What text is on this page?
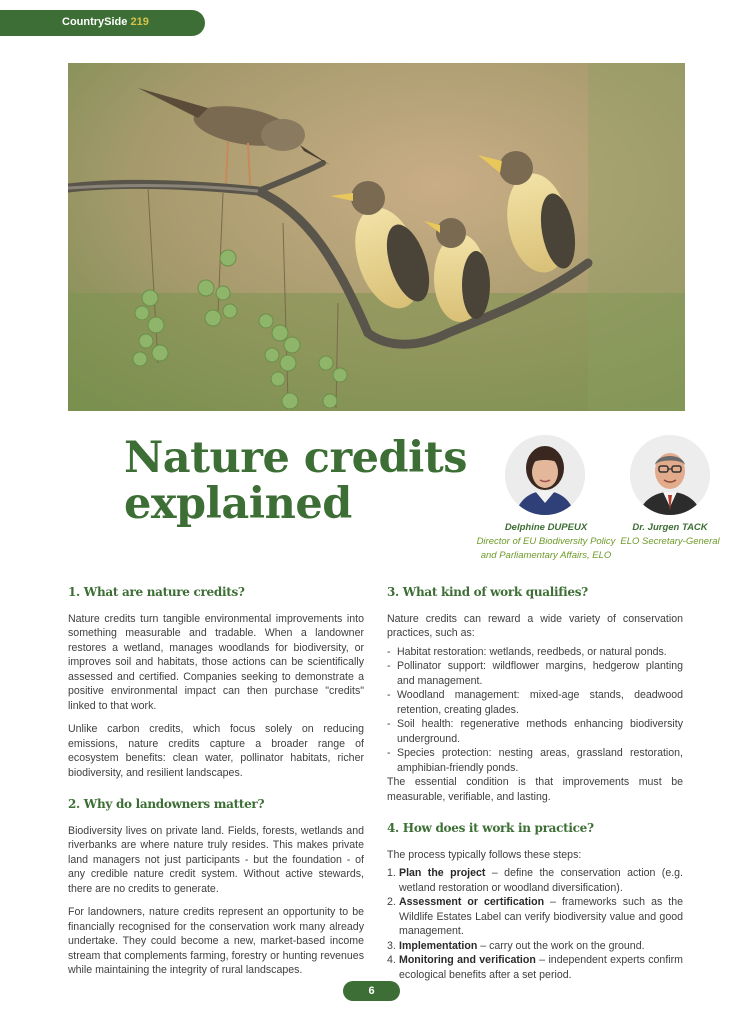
CountrySide 219
Nature credits
explained	Delphine DUPEUX
Director of EU Biodiversity Policy
and Parliamentary Affairs, ELO
Dr. Jurgen TACK
ELO Secretary-General
1. What are nature credits?

Nature credits turn tangible environmental improvements into something measurable and tradable. When a landowner restores a wetland, manages woodlands for biodiversity, or improves soil and habitats, those actions can be scientifically assessed and certified. Companies seeking to demonstrate a positive environmental impact can then purchase "credits" linked to that work.

Unlike carbon credits, which focus solely on reducing emissions, nature credits capture a broader range of ecosystem benefits: clean water, pollinator habitats, richer biodiversity, and resilient landscapes.

2. Why do landowners matter?

Biodiversity lives on private land. Fields, forests, wetlands and riverbanks are where nature truly resides. This makes private land managers not just participants - but the foundation - of any credible nature credit system. Without active stewards, there are no credits to generate.

For landowners, nature credits represent an opportunity to be financially recognised for the conservation work many already undertake. They could become a new, market-based income stream that complements farming, forestry or hunting revenues while maintaining the integrity of rural landscapes.

3. What kind of work qualifies?

Nature credits can reward a wide variety of conservation practices, such as:

- Habitat restoration: wetlands, reedbeds, or natural ponds.
- Pollinator support: wildflower margins, hedgerow planting and management.
- Woodland management: mixed-age stands, deadwood retention, creating glades.
- Soil health: regenerative methods enhancing biodiversity underground.
- Species protection: nesting areas, grassland restoration, amphibian-friendly ponds.

The essential condition is that improvements must be measurable, verifiable, and lasting.

4. How does it work in practice?

The process typically follows these steps:

1. Plan the project – define the conservation action (e.g. wetland restoration or woodland diversification).
2. Assessment or certification – frameworks such as the Wildlife Estates Label can verify biodiversity value and good management.
3. Implementation – carry out the work on the ground.
4. Monitoring and verification – independent experts confirm ecological benefits after a set period.
6
